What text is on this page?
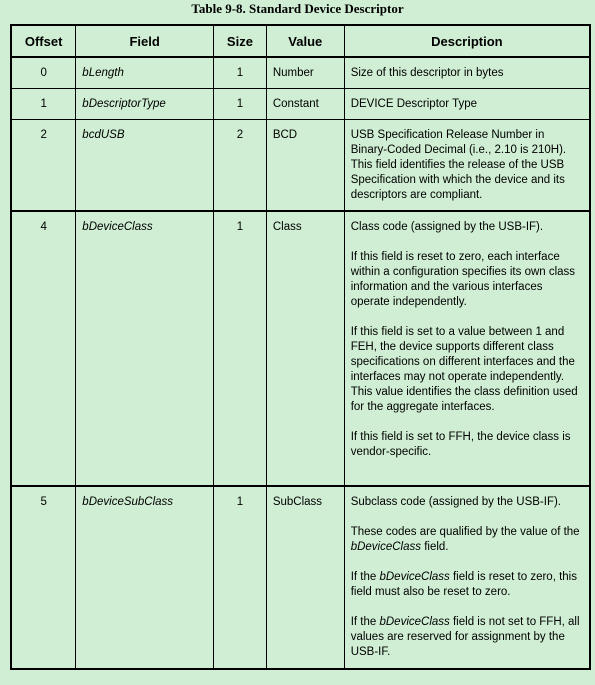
Table 9-8. Standard Device Descriptor
Offset	Field	Size	Value	Description
0	bLength	1	Number	Size of this descriptor in bytes

1	bDescriptorType	1	Constant	DEVICE Descriptor Type

2	bcdUSB	2	BCD	USB Specification Release Number in Binary-Coded Decimal (i.e., 2.10 is 210H). This field identifies the release of the USB Specification with which the device and its descriptors are compliant.

4	bDeviceClass	1	Class	Class code (assigned by the USB-IF).

If this field is reset to zero, each interface within a configuration specifies its own class information and the various interfaces operate independently.

If this field is set to a value between 1 and FEH, the device supports different class specifications on different interfaces and the interfaces may not operate independently. This value identifies the class definition used for the aggregate interfaces.

If this field is set to FFH, the device class is vendor-specific.

5	bDeviceSubClass	1	SubClass	Subclass code (assigned by the USB-IF).

These codes are qualified by the value of the bDeviceClass field.

If the bDeviceClass field is reset to zero, this field must also be reset to zero.

If the bDeviceClass field is not set to FFH, all values are reserved for assignment by the USB-IF.
